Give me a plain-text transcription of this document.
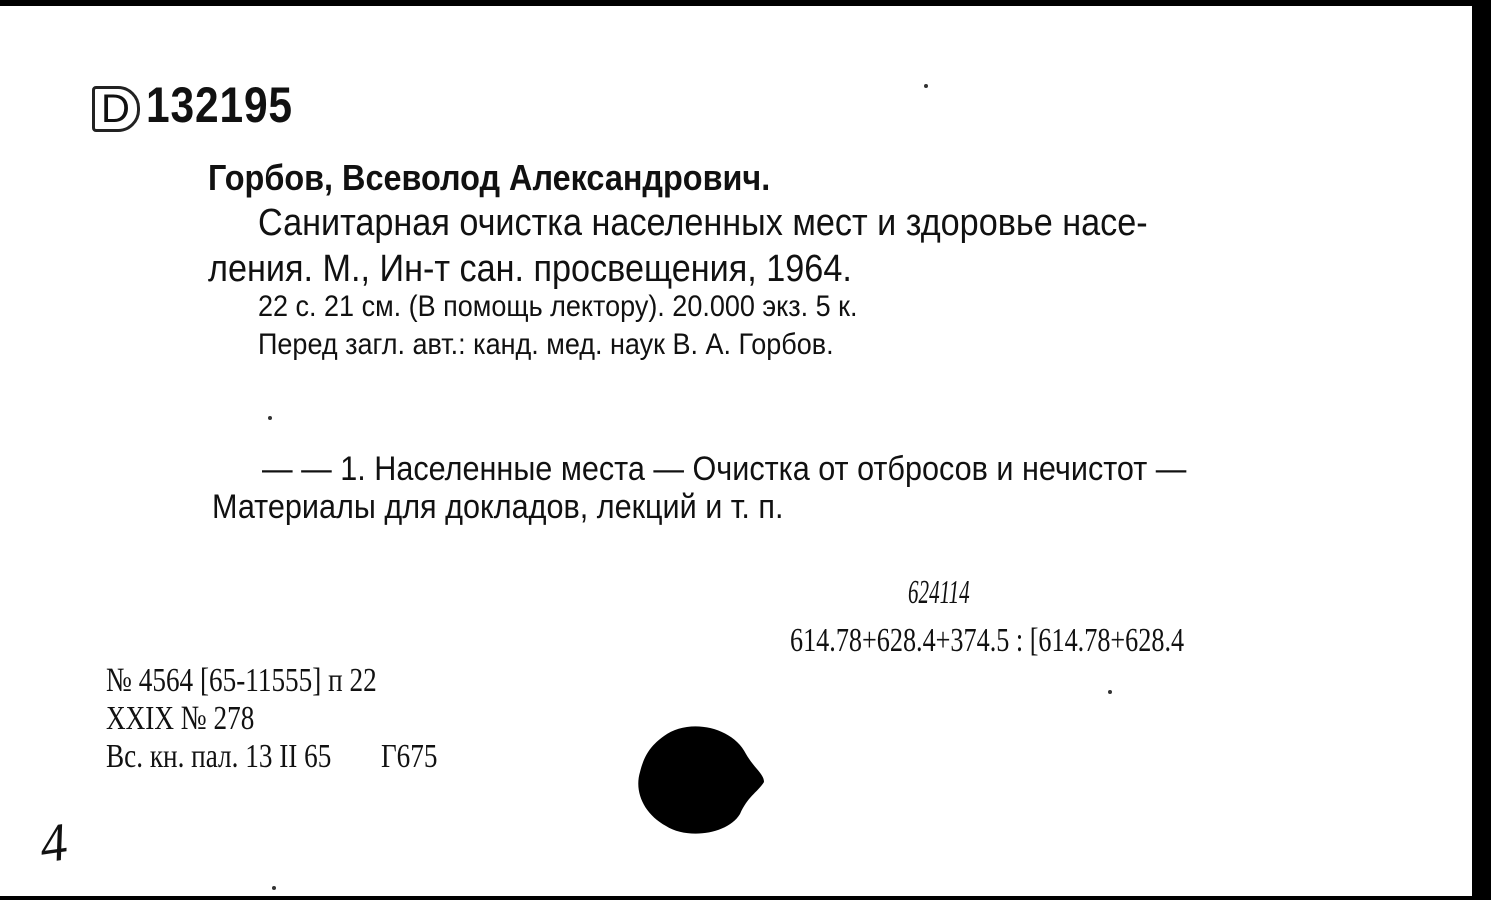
D 132195
Горбов, Всеволод Александрович.
Санитарная очистка населенных мест и здоровье насе-
ления. М., Ин-т сан. просвещения, 1964.
22 с. 21 см. (В помощь лектору). 20.000 экз. 5 к.
Перед загл. авт.: канд. мед. наук В. А. Горбов.
— — 1. Населенные места — Очистка от отбросов и нечистот —
Материалы для докладов, лекций и т. п.
624114
614.78+628.4+374.5 : [614.78+628.4
№ 4564 [65-11555] п 22
XXIX № 278
Вс. кн. пал. 13 II 65 Г675
4
